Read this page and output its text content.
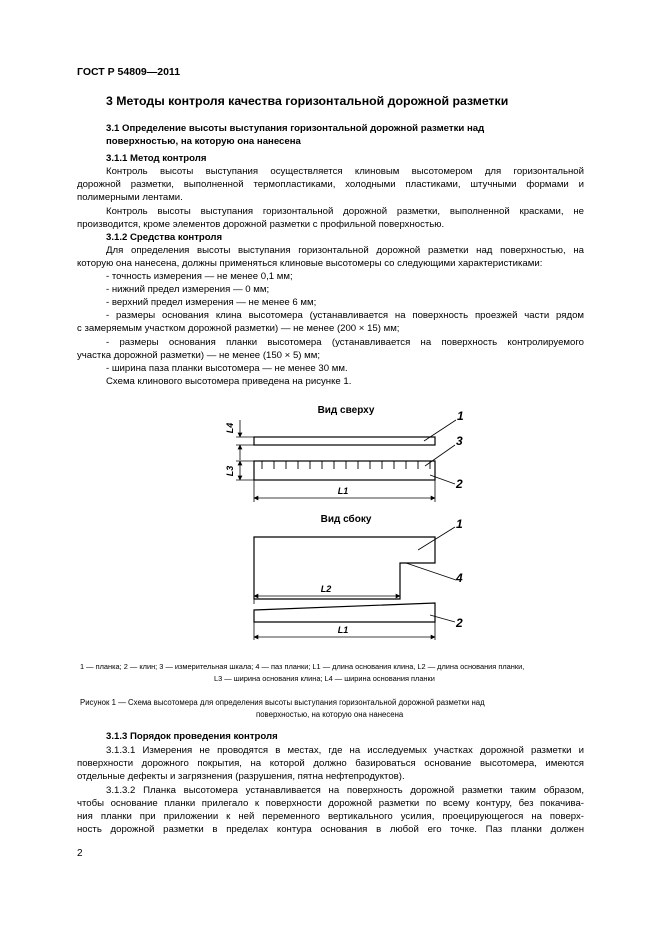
ГОСТ Р 54809—2011
3 Методы контроля качества горизонтальной дорожной разметки
3.1 Определение высоты выступания горизонтальной дорожной разметки над
поверхностью, на которую она нанесена
3.1.1 Метод контроля
Контроль высоты выступания осуществляется клиновым высотомером для горизонтальной
дорожной разметки, выполненной термопластиками, холодными пластиками, штучными формами и
полимерными лентами.
Контроль высоты выступания горизонтальной дорожной разметки, выполненной красками, не
производится, кроме элементов дорожной разметки с профильной поверхностью.
3.1.2 Средства контроля
Для определения высоты выступания горизонтальной дорожной разметки над поверхностью, на
которую она нанесена, должны применяться клиновые высотомеры со следующими характеристиками:
- точность измерения — не менее 0,1 мм;
- нижний предел измерения — 0 мм;
- верхний предел измерения — не менее 6 мм;
- размеры основания клина высотомера (устанавливается на поверхность проезжей части рядом
с замеряемым участком дорожной разметки) — не менее (200 × 15) мм;
- размеры основания планки высотомера (устанавливается на поверхность контролируемого
участка дорожной разметки) — не менее (150 × 5) мм;
- ширина паза планки высотомера — не менее 30 мм.
Схема клинового высотомера приведена на рисунке 1.
Вид сверху
L4
1
L3
3
2
L1
Вид сбоку	1
4
L2
2
L1
1 — планка; 2 — клин; 3 — измерительная шкала; 4 — паз планки; L1 — длина основания клина, L2 — длина основания планки,
L3 — ширина основания клина; L4 — ширина основания планки
Рисунок 1 — Схема высотомера для определения высоты выступания горизонтальной дорожной разметки над
поверхностью, на которую она нанесена
3.1.3 Порядок проведения контроля
3.1.3.1 Измерения не проводятся в местах, где на исследуемых участках дорожной разметки и
поверхности дорожного покрытия, на которой должно базироваться основание высотомера, имеются
отдельные дефекты и загрязнения (разрушения, пятна нефтепродуктов).
3.1.3.2 Планка высотомера устанавливается на поверхность дорожной разметки таким образом,
чтобы основание планки прилегало к поверхности дорожной разметки по всему контуру, без покачива-
ния планки при приложении к ней переменного вертикального усилия, проецирующегося на поверх-
ность дорожной разметки в пределах контура основания в любой его точке. Паз планки должен
2
